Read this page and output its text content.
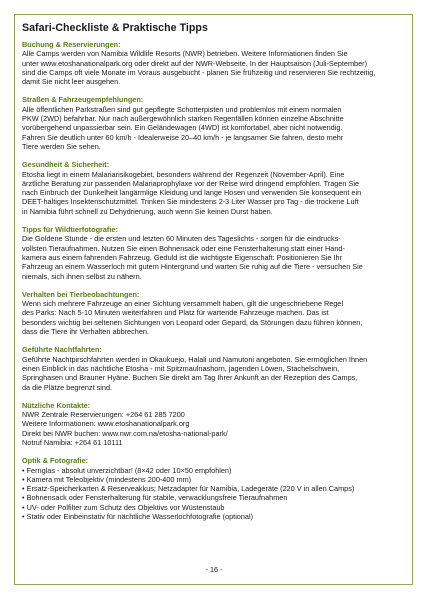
Safari-Checkliste & Praktische Tipps
Buchung & Reservierungen:
Alle Camps werden von Namibia Wildlife Resorts (NWR) betrieben. Weitere Informationen finden Sie
unter www.etoshanationalpark.org oder direkt auf der NWR-Webseite. In der Hauptsaison (Juli-September)
sind die Camps oft viele Monate im Voraus ausgebucht - planen Sie frühzeitig und reservieren Sie rechtzeitig,
damit Sie nicht leer ausgehen.
Straßen & Fahrzeugempfehlungen:
Alle öffentlichen Parkstraßen sind gut gepflegte Schotterpisten und problemlos mit einem normalen
PKW (2WD) befahrbar. Nur nach außergewöhnlich starken Regenfällen können einzelne Abschnitte
vorübergehend unpassierbar sein. Ein Geländewagen (4WD) ist komfortabel, aber nicht notwendig.
Fahren Sie deutlich unter 60 km/h - Idealerweise 20–40 km/h - je langsamer Sie fahren, desto mehr
Tiere werden Sie sehen.
Gesundheit & Sicherheit:
Etosha liegt in einem Malariarisikogebiet, besonders während der Regenzeit (November-April). Eine
ärztliche Beratung zur passenden Malariaprophylaxe vor der Reise wird dringend empfohlen. Tragen Sie
nach Einbruch der Dunkelheit langärmlige Kleidung und lange Hosen und verwenden Sie konsequent ein
DEET-haltiges Insektenschutzmittel. Trinken Sie mindestens 2-3 Liter Wasser pro Tag - die trockene Luft
in Namibia führt schnell zu Dehydrierung, auch wenn Sie keinen Durst haben.
Tipps für Wildtierfotografie:
Die Goldene Stunde - die ersten und letzten 60 Minuten des Tageslichts - sorgen für die eindrucks-
vollsten Tieraufnahmen. Nutzen Sie einen Bohnensack oder eine Fensterhalterung statt einer Hand-
kamera aus einem fahrenden Fahrzeug. Geduld ist die wichtigste Eigenschaft: Positionieren Sie Ihr
Fahrzeug an einem Wasserloch mit gutem Hintergrund und warten Sie ruhig auf die Tiere - versuchen Sie
niemals, sich ihnen selbst zu nähern.
Verhalten bei Tierbeobachtungen:
Wenn sich mehrere Fahrzeuge an einer Sichtung versammelt haben, gilt die ungeschriebene Regel
des Parks: Nach 5-10 Minuten weiterfahren und Platz für wartende Fahrzeuge machen. Das ist
besonders wichtig bei seltenen Sichtungen von Leopard oder Gepard, da Störungen dazu führen können,
dass die Tiere ihr Verhalten abbrechen.
Geführte Nachtfahrten:
Geführte Nachtpirschfahrten werden in Okaukuejo, Halali und Namutoni angeboten. Sie ermöglichen Ihnen
einen Einblick in das nächtliche Etosha - mit Spitzmaulnashorn, jagenden Löwen, Stachelschwein,
Springhasen und Brauner Hyäne. Buchen Sie direkt am Tag Ihrer Ankunft an der Rezeption des Camps,
da die Plätze begrenzt sind.
Nützliche Kontakte:
NWR Zentrale Reservierungen: +264 61 285 7200
Weitere Informationen: www.etoshanationalpark.org
Direkt bei NWR buchen: www.nwr.com.na/etosha-national-park/
Notruf Namibia: +264 61 10111
Optik & Fotografie:
• Fernglas - absolut unverzichtbar! (8×42 oder 10×50 empfohlen)
• Kamera mit Teleobjektiv (mindestens 200-400 mm)
• Ersatz-Speicherkarten & Reserveakkus; Netzadapter für Namibia, Ladegeräte (220 V in allen Camps)
• Bohnensack oder Fensterhalterung für stabile, verwacklungsfreie Tieraufnahmen
• UV- oder Polfilter zum Schutz des Objektivs vor Wüstenstaub
• Stativ oder Einbeinstativ für nächtliche Wasserlochfotografie (optional)
- 16 -
